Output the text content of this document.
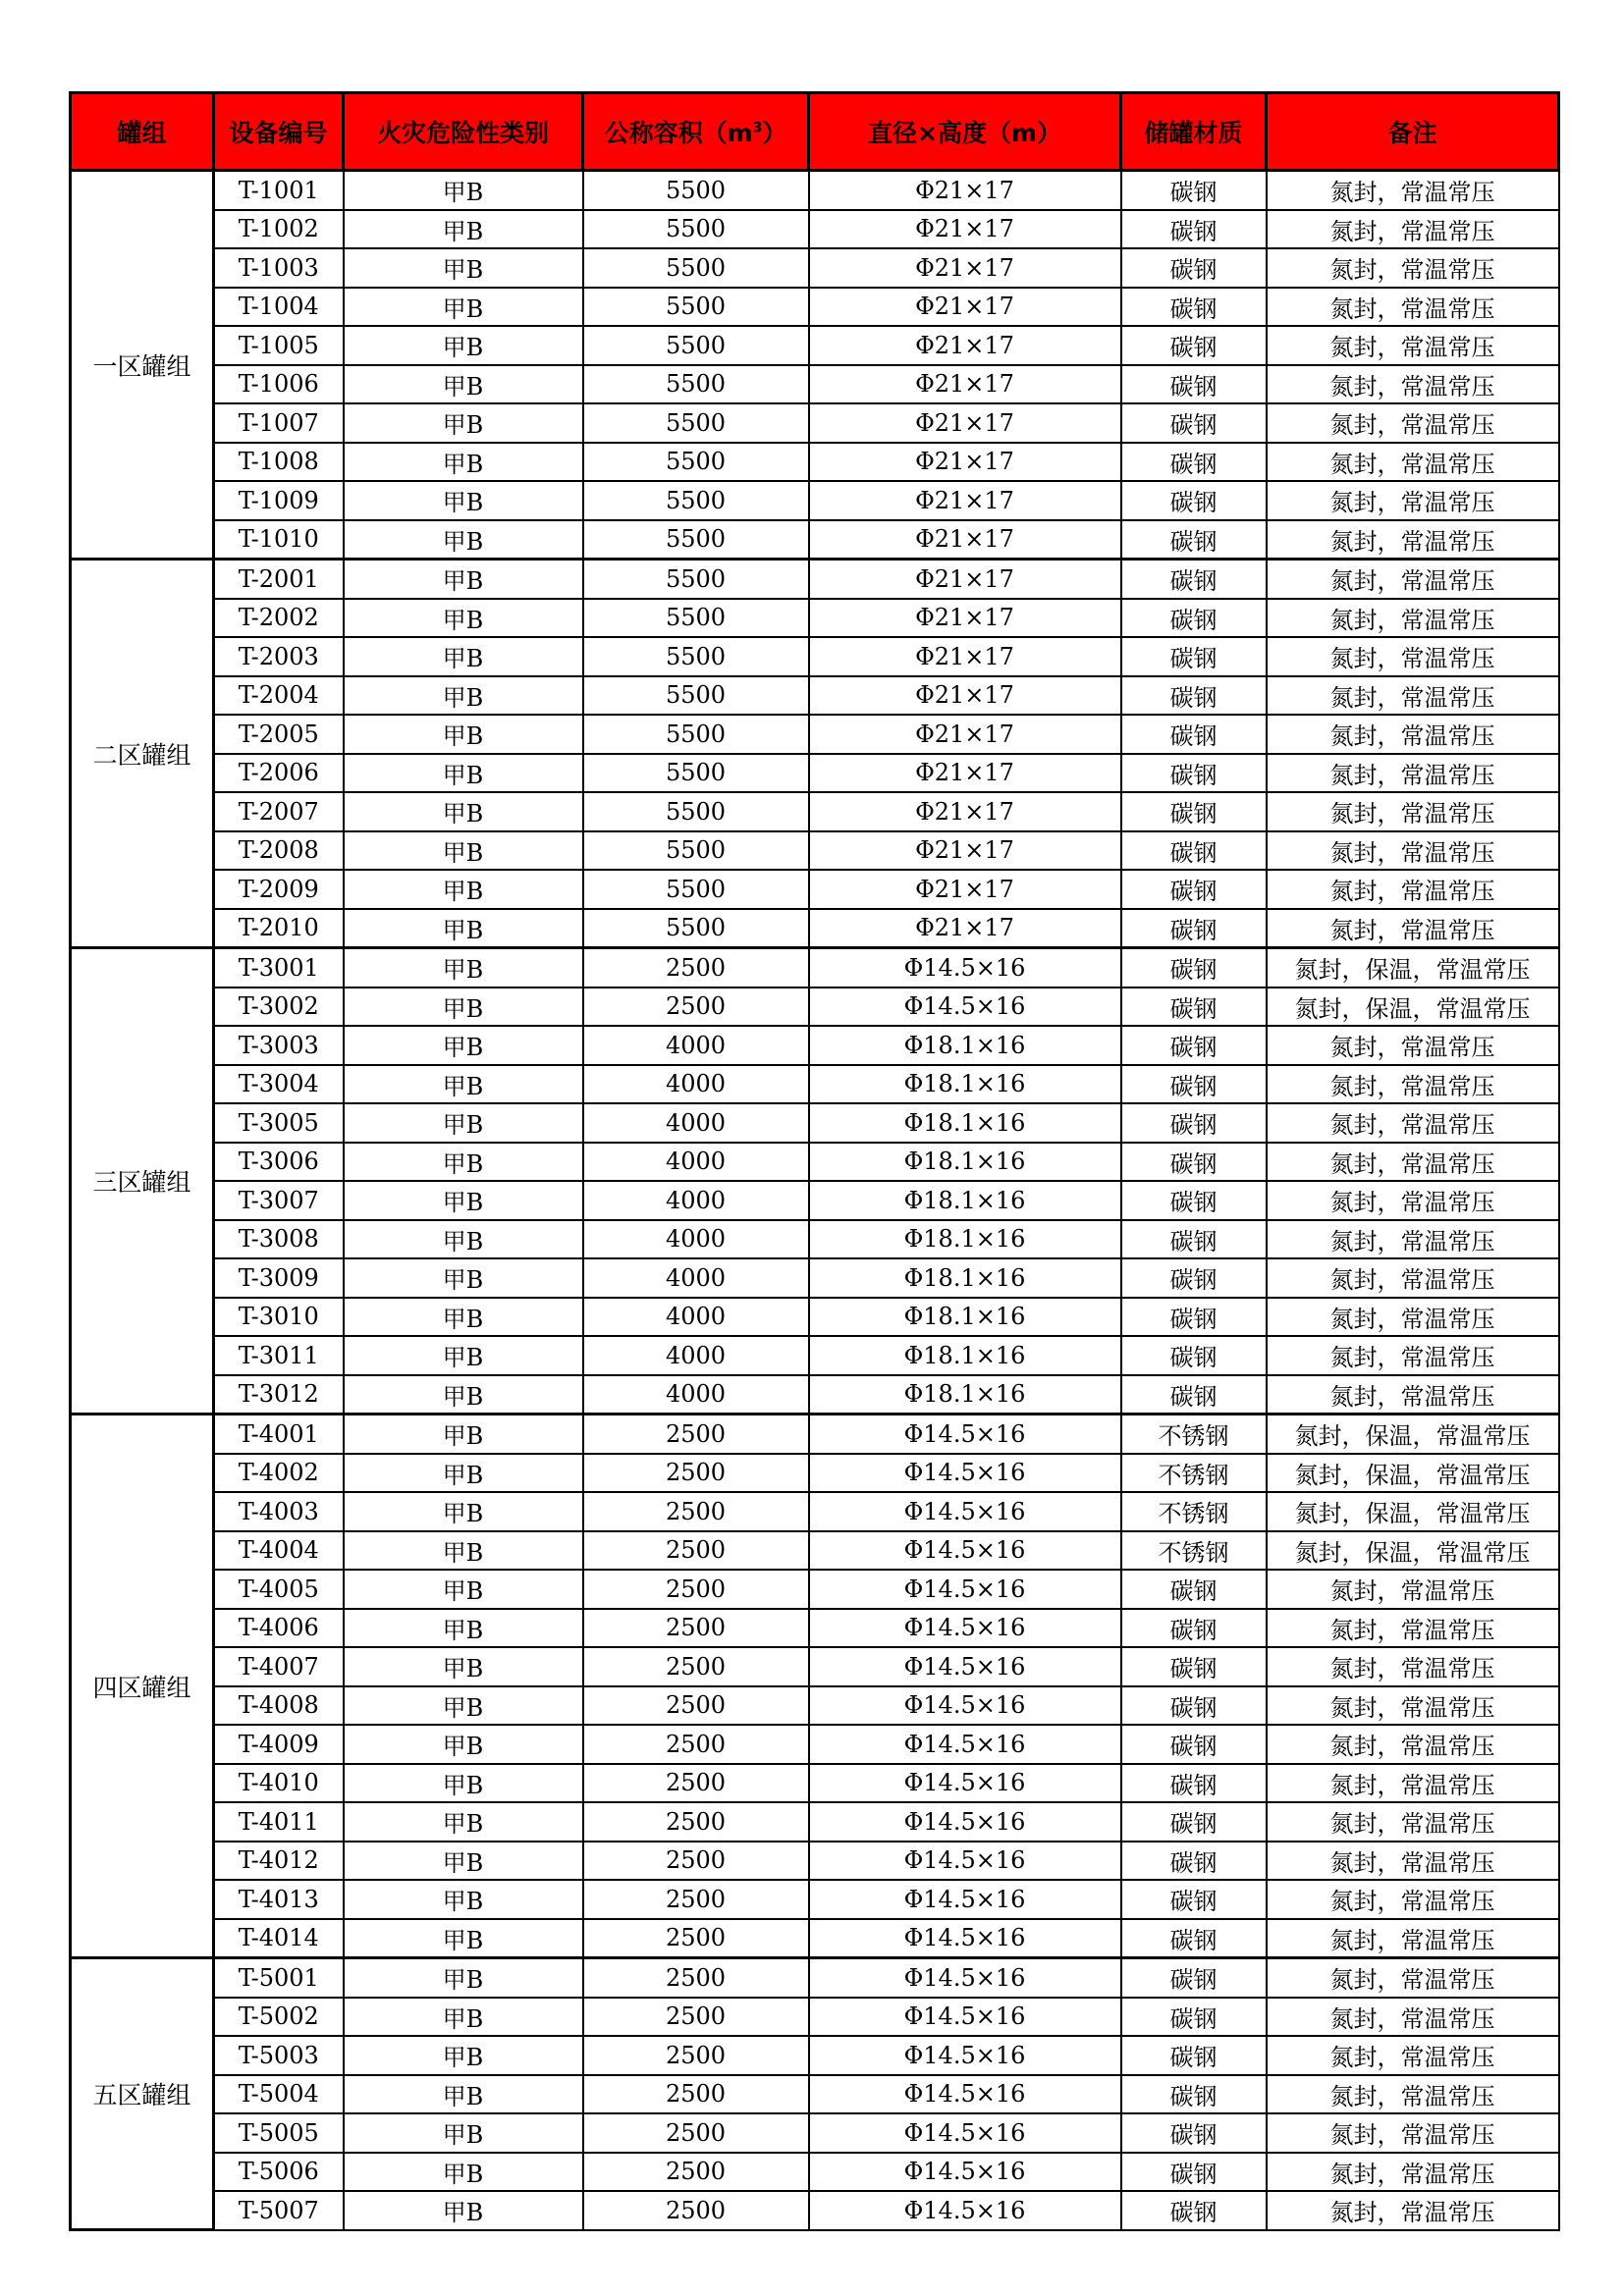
罐组	设备编号	火灾危险性类别	公称容积$(m^3)$	直径×高度（m）	储罐材质	备注
一区罐组	T-1001	甲B	5500	Φ21×17	碳钢	氮封，常温常压
	T-1002	甲B	5500	Φ21×17	碳钢	氮封，常温常压
	T-1003	甲B	5500	Φ21×17	碳钢	氮封，常温常压
	T-1004	甲B	5500	Φ21×17	碳钢	氮封，常温常压
	T-1005	甲B	5500	Φ21×17	碳钢	氮封，常温常压
	T-1006	甲B	5500	Φ21×17	碳钢	氮封，常温常压
	T-1007	甲B	5500	Φ21×17	碳钢	氮封，常温常压
	T-1008	甲B	5500	Φ21×17	碳钢	氮封，常温常压
	T-1009	甲B	5500	Φ21×17	碳钢	氮封，常温常压
	T-1010	甲B	5500	Φ21×17	碳钢	氮封，常温常压
二区罐组	T-2001	甲B	5500	Φ21×17	碳钢	氮封，常温常压
	T-2002	甲B	5500	Φ21×17	碳钢	氮封，常温常压
	T-2003	甲B	5500	Φ21×17	碳钢	氮封，常温常压
	T-2004	甲B	5500	Φ21×17	碳钢	氮封，常温常压
	T-2005	甲B	5500	Φ21×17	碳钢	氮封，常温常压
	T-2006	甲B	5500	Φ21×17	碳钢	氮封，常温常压
	T-2007	甲B	5500	Φ21×17	碳钢	氮封，常温常压
	T-2008	甲B	5500	Φ21×17	碳钢	氮封，常温常压
	T-2009	甲B	5500	Φ21×17	碳钢	氮封，常温常压
	T-2010	甲B	5500	Φ21×17	碳钢	氮封，常温常压
三区罐组	T-3001	甲B	2500	Φ14.5×16	碳钢	氮封，保温，常温常压
	T-3002	甲B	2500	Φ14.5×16	碳钢	氮封，保温，常温常压
	T-3003	甲B	4000	Φ18.1×16	碳钢	氮封，常温常压
	T-3004	甲B	4000	Φ18.1×16	碳钢	氮封，常温常压
	T-3005	甲B	4000	Φ18.1×16	碳钢	氮封，常温常压
	T-3006	甲B	4000	Φ18.1×16	碳钢	氮封，常温常压
	T-3007	甲B	4000	Φ18.1×16	碳钢	氮封，常温常压
	T-3008	甲B	4000	Φ18.1×16	碳钢	氮封，常温常压
	T-3009	甲B	4000	Φ18.1×16	碳钢	氮封，常温常压
	T-3010	甲B	4000	Φ18.1×16	碳钢	氮封，常温常压
	T-3011	甲B	4000	Φ18.1×16	碳钢	氮封，常温常压
	T-3012	甲B	4000	Φ18.1×16	碳钢	氮封，常温常压
四区罐组	T-4001	甲B	2500	Φ14.5×16	不锈钢	氮封，保温，常温常压
	T-4002	甲B	2500	Φ14.5×16	不锈钢	氮封，保温，常温常压
	T-4003	甲B	2500	Φ14.5×16	不锈钢	氮封，保温，常温常压
	T-4004	甲B	2500	Φ14.5×16	不锈钢	氮封，保温，常温常压
	T-4005	甲B	2500	Φ14.5×16	碳钢	氮封，常温常压
	T-4006	甲B	2500	Φ14.5×16	碳钢	氮封，常温常压
	T-4007	甲B	2500	Φ14.5×16	碳钢	氮封，常温常压
	T-4008	甲B	2500	Φ14.5×16	碳钢	氮封，常温常压
	T-4009	甲B	2500	Φ14.5×16	碳钢	氮封，常温常压
	T-4010	甲B	2500	Φ14.5×16	碳钢	氮封，常温常压
	T-4011	甲B	2500	Φ14.5×16	碳钢	氮封，常温常压
	T-4012	甲B	2500	Φ14.5×16	碳钢	氮封，常温常压
	T-4013	甲B	2500	Φ14.5×16	碳钢	氮封，常温常压
	T-4014	甲B	2500	Φ14.5×16	碳钢	氮封，常温常压
五区罐组	T-5001	甲B	2500	Φ14.5×16	碳钢	氮封，常温常压
	T-5002	甲B	2500	Φ14.5×16	碳钢	氮封，常温常压
	T-5003	甲B	2500	Φ14.5×16	碳钢	氮封，常温常压
	T-5004	甲B	2500	Φ14.5×16	碳钢	氮封，常温常压
	T-5005	甲B	2500	Φ14.5×16	碳钢	氮封，常温常压
	T-5006	甲B	2500	Φ14.5×16	碳钢	氮封，常温常压
	T-5007	甲B	2500	Φ14.5×16	碳钢	氮封，常温常压
